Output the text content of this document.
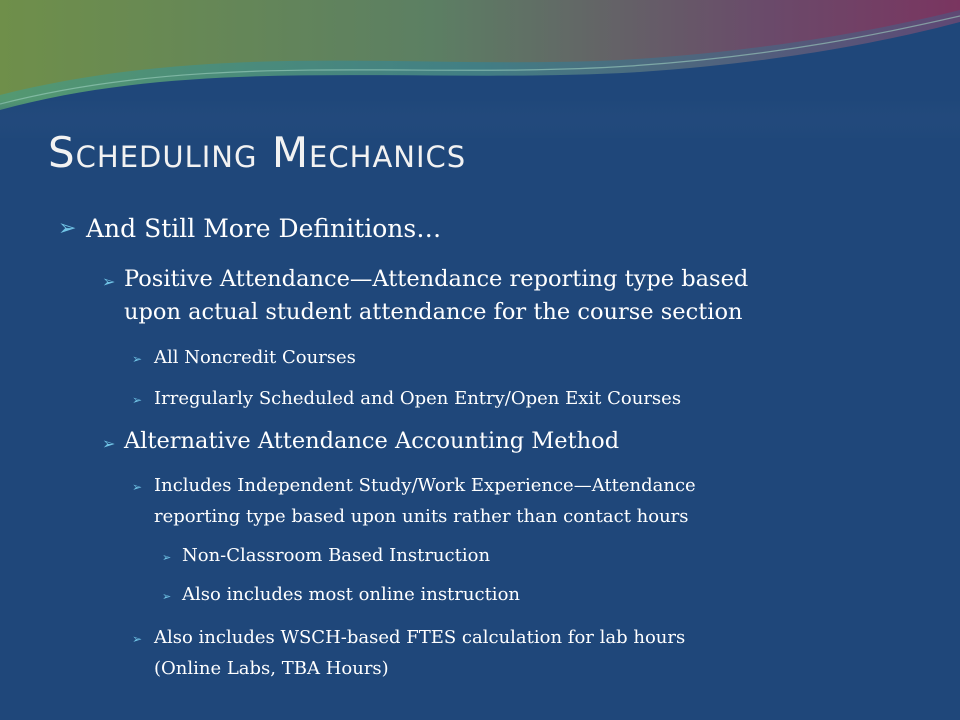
Scheduling Mechanics
➢ And Still More Definitions…
➢ Positive Attendance—Attendance reporting type based
upon actual student attendance for the course section
➢ All Noncredit Courses
➢ Irregularly Scheduled and Open Entry/Open Exit Courses
➢ Alternative Attendance Accounting Method
➢ Includes Independent Study/Work Experience—Attendance
reporting type based upon units rather than contact hours
➢ Non-Classroom Based Instruction
➢ Also includes most online instruction
➢ Also includes WSCH-based FTES calculation for lab hours
(Online Labs, TBA Hours)
